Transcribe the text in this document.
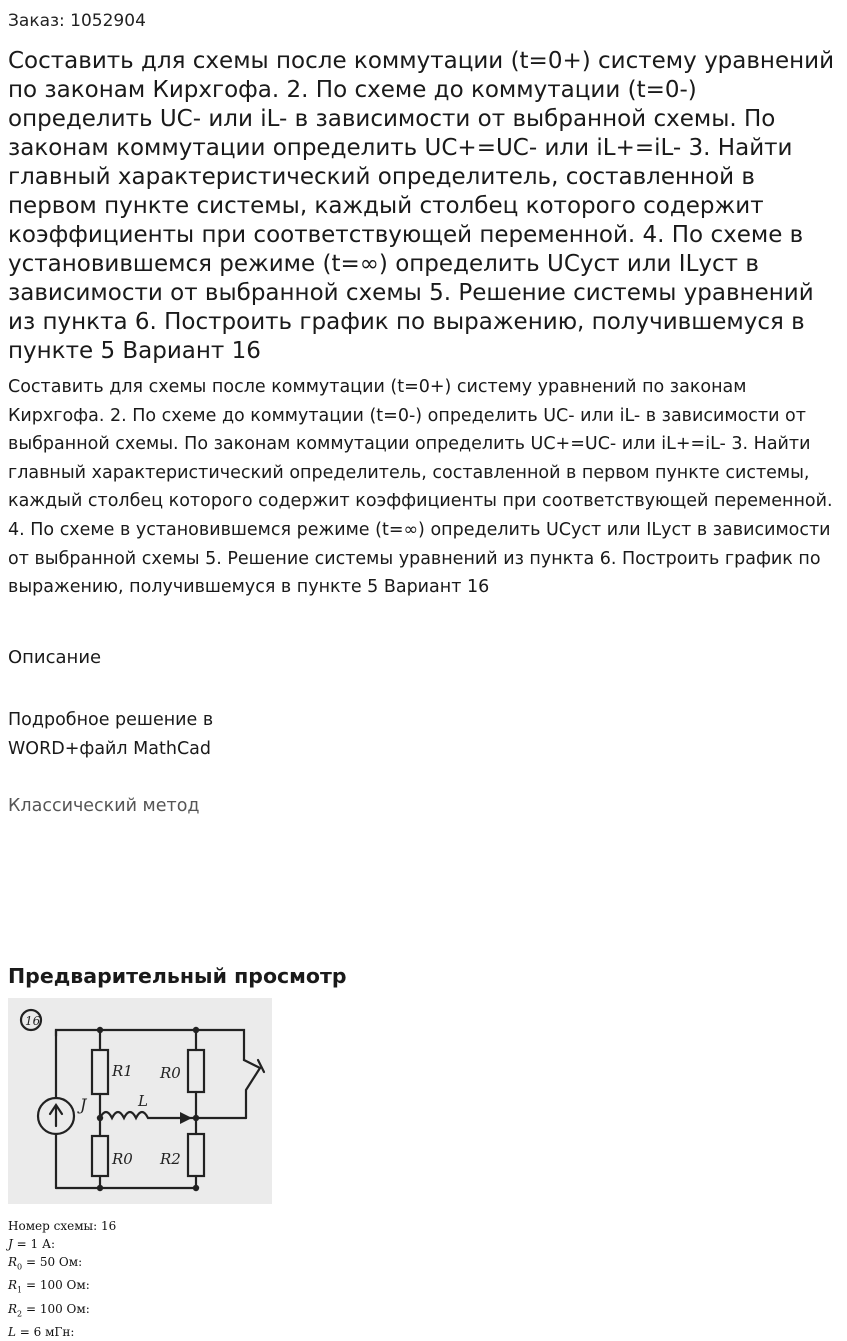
Заказ: 1052904
Составить для схемы после коммутации (t=0+) систему уравнений по законам Кирхгофа. 2. По схеме до коммутации (t=0-) определить UC- или iL- в зависимости от выбранной схемы. По законам коммутации определить UC+=UC- или iL+=iL- 3. Найти главный характеристический определитель, составленной в первом пункте системы, каждый столбец которого содержит коэффициенты при соответствующей переменной. 4. По схеме в установившемся режиме (t=∞) определить UCуст или ILуст в зависимости от выбранной схемы 5. Решение системы уравнений из пункта 6. Построить график по выражению, получившемуся в пункте 5 Вариант 16

Составить для схемы после коммутации (t=0+) систему уравнений по законам Кирхгофа. 2. По схеме до коммутации (t=0-) определить UC- или iL- в зависимости от выбранной схемы. По законам коммутации определить UC+=UC- или iL+=iL- 3. Найти главный характеристический определитель, составленной в первом пункте системы, каждый столбец которого содержит коэффициенты при соответствующей переменной. 4. По схеме в установившемся режиме (t=∞) определить UCуст или ILуст в зависимости от выбранной схемы 5. Решение системы уравнений из пункта 6. Построить график по выражению, получившемуся в пункте 5 Вариант 16

Описание

Подробное решение в
WORD+файл MathCad

Классический метод
Предварительный просмотр
16
J
R1 R0
L
R0 R2
Номер схемы: 16
J = 1 А:
$R_0 = 50$ Ом:
$R_1 = 100$ Ом:
$R_2 = 100$ Ом:
L = 6 мГн:
